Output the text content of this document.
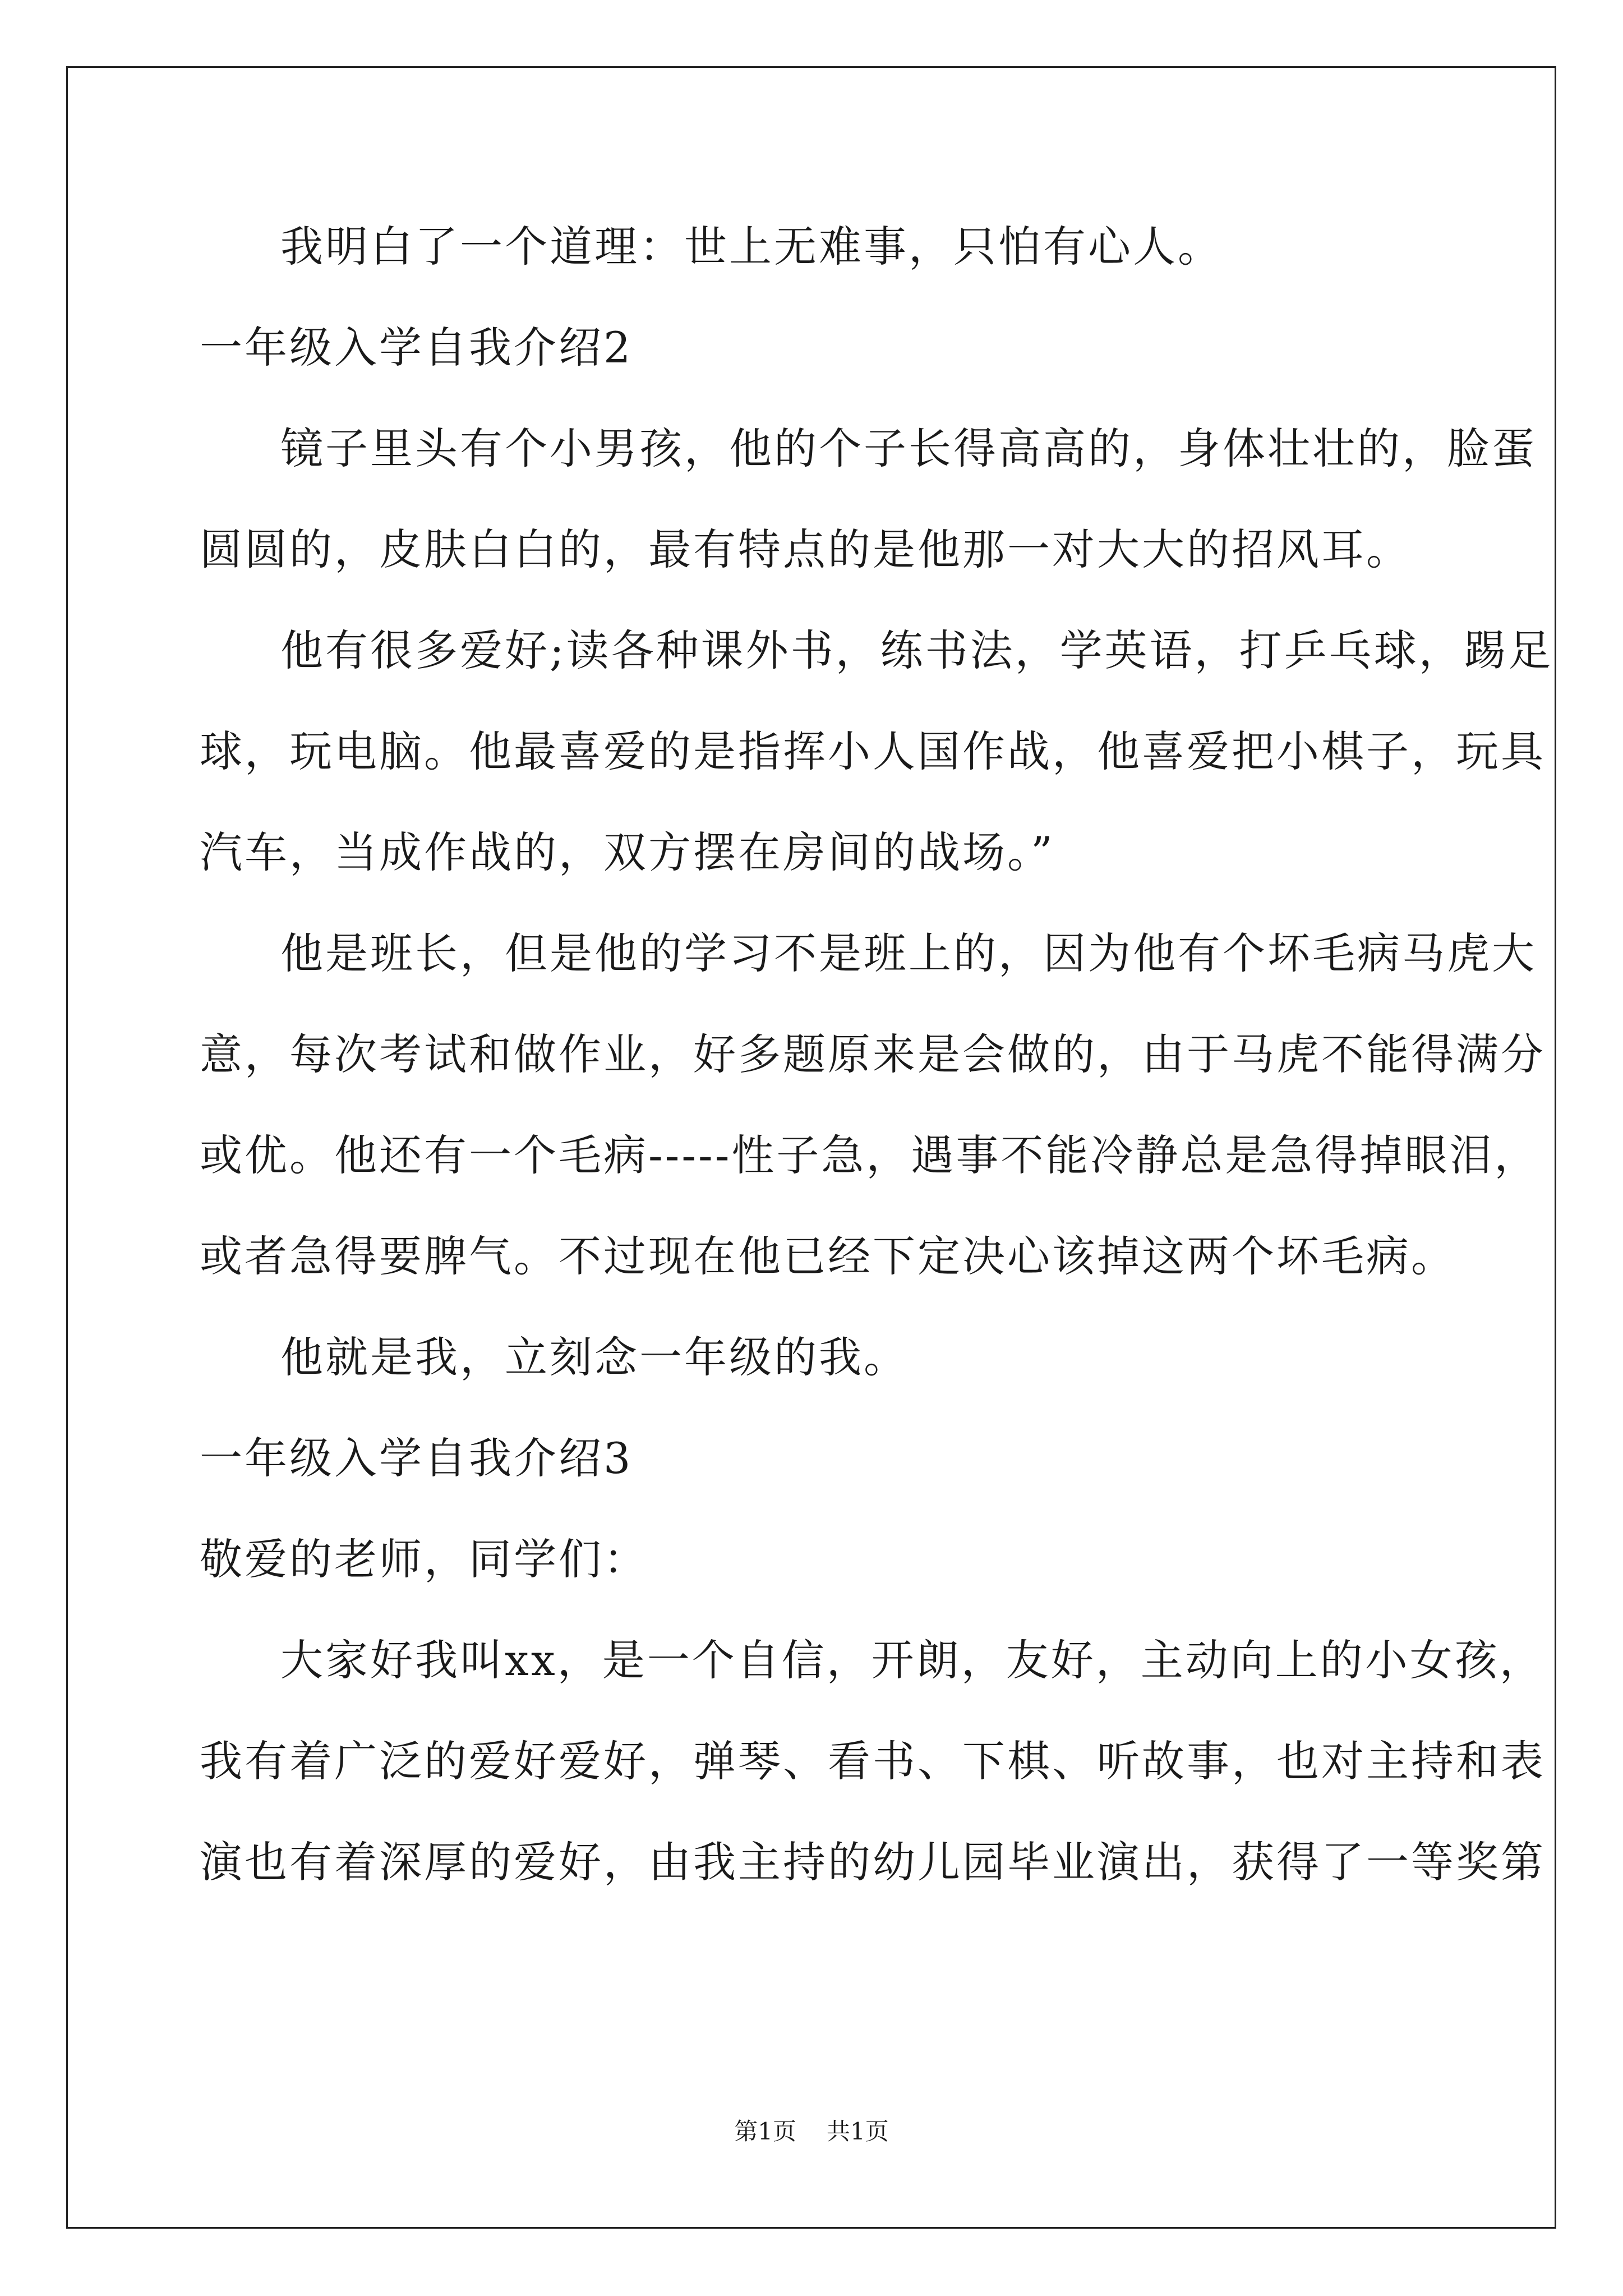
我明白了一个道理：世上无难事，只怕有心人。
一年级入学自我介绍2
镜子里头有个小男孩，他的个子长得高高的，身体壮壮的，脸蛋
圆圆的，皮肤白白的，最有特点的是他那一对大大的招风耳。
他有很多爱好;读各种课外书，练书法，学英语，打乒乓球，踢足
球，玩电脑。他最喜爱的是指挥小人国作战，他喜爱把小棋子，玩具
汽车，当成作战的，双方摆在房间的战场。”
他是班长，但是他的学习不是班上的，因为他有个坏毛病马虎大
意，每次考试和做作业，好多题原来是会做的，由于马虎不能得满分
或优。他还有一个毛病-----性子急，遇事不能冷静总是急得掉眼泪，
或者急得要脾气。不过现在他已经下定决心该掉这两个坏毛病。
他就是我，立刻念一年级的我。
一年级入学自我介绍3
敬爱的老师，同学们：
大家好我叫xx，是一个自信，开朗，友好，主动向上的小女孩，
我有着广泛的爱好爱好，弹琴、看书、下棋、听故事，也对主持和表
演也有着深厚的爱好，由我主持的幼儿园毕业演出，获得了一等奖第
第1页 共1页
